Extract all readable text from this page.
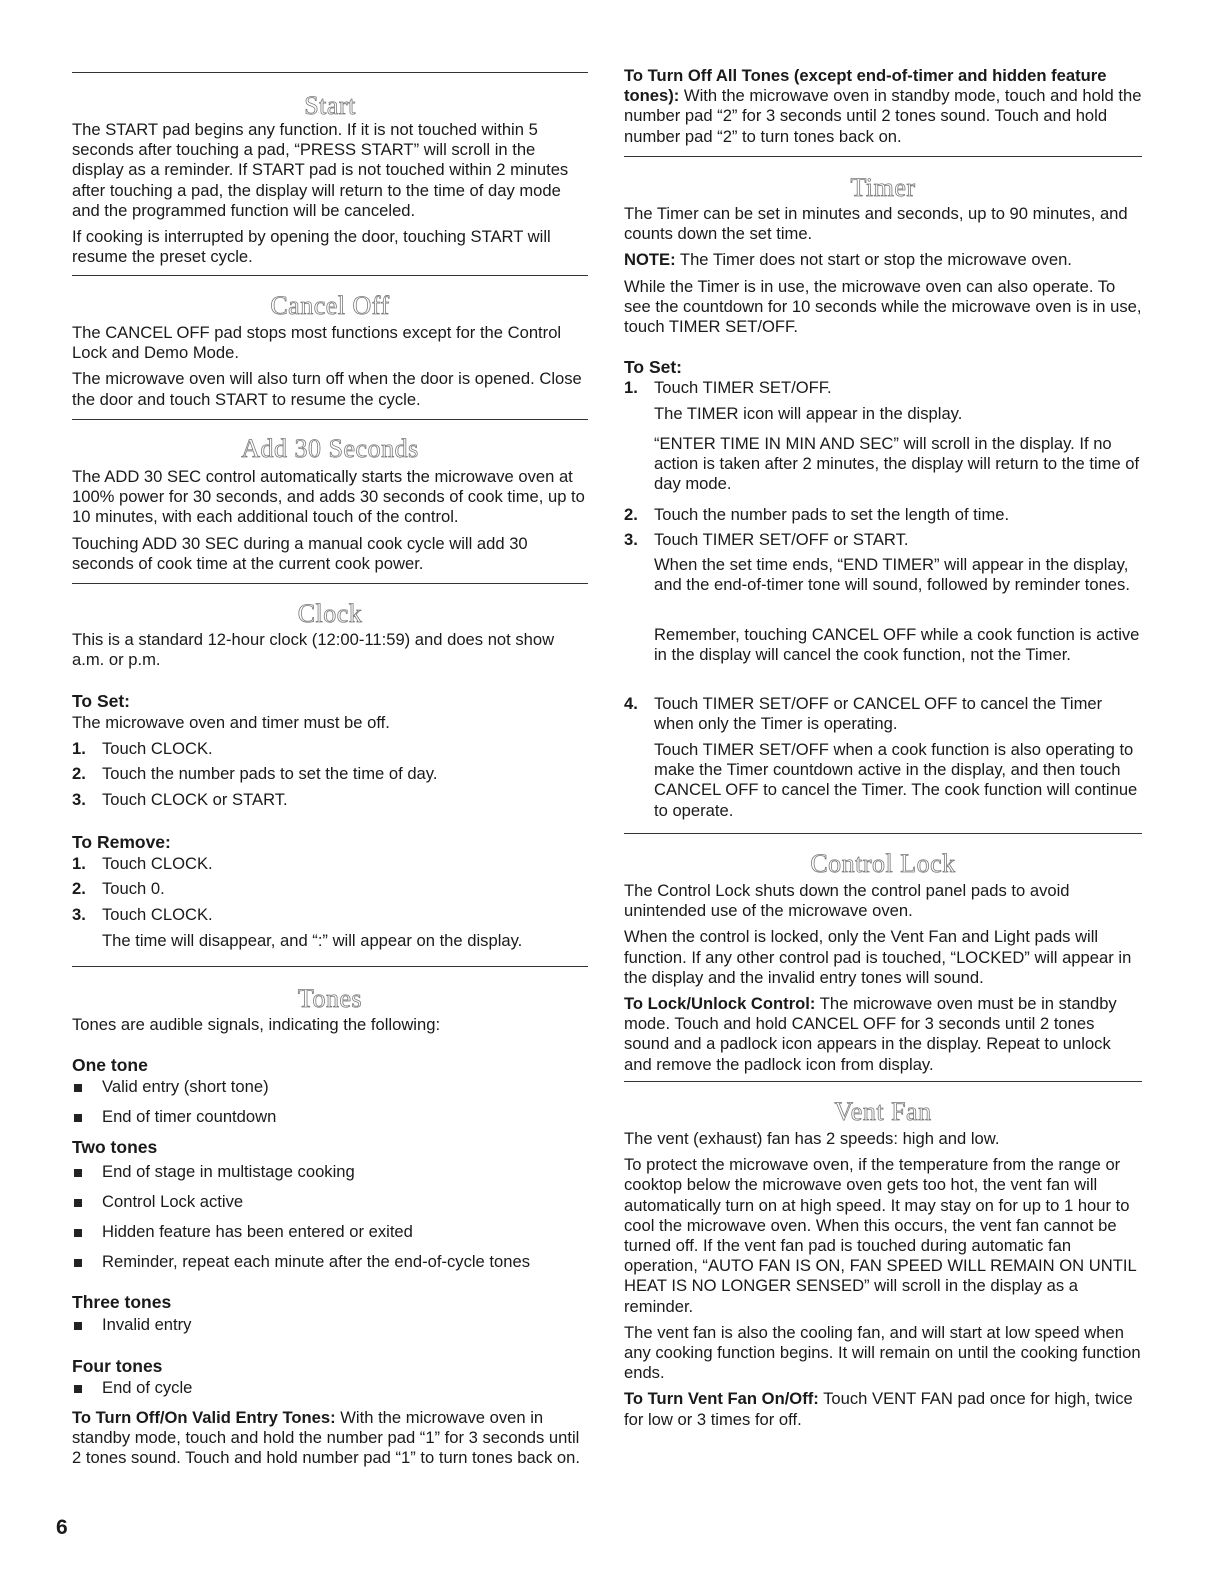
Start

The START pad begins any function. If it is not touched within 5 seconds after touching a pad, “PRESS START” will scroll in the display as a reminder. If START pad is not touched within 2 minutes after touching a pad, the display will return to the time of day mode and the programmed function will be canceled.

If cooking is interrupted by opening the door, touching START will resume the preset cycle.

Cancel Off

The CANCEL OFF pad stops most functions except for the Control Lock and Demo Mode.

The microwave oven will also turn off when the door is opened. Close the door and touch START to resume the cycle.

Add 30 Seconds

The ADD 30 SEC control automatically starts the microwave oven at 100% power for 30 seconds, and adds 30 seconds of cook time, up to 10 minutes, with each additional touch of the control.

Touching ADD 30 SEC during a manual cook cycle will add 30 seconds of cook time at the current cook power.

Clock

This is a standard 12-hour clock (12:00-11:59) and does not show a.m. or p.m.

To Set:
The microwave oven and timer must be off.
1. Touch CLOCK.
2. Touch the number pads to set the time of day.
3. Touch CLOCK or START.
To Remove:
1. Touch CLOCK.
2. Touch 0.
3. Touch CLOCK.
The time will disappear, and “:” will appear on the display.
Tones
Tones are audible signals, indicating the following:
One tone
Valid entry (short tone)
End of timer countdown
Two tones
End of stage in multistage cooking
Control Lock active
Hidden feature has been entered or exited
Reminder, repeat each minute after the end-of-cycle tones
Three tones
Invalid entry
Four tones
End of cycle
To Turn Off/On Valid Entry Tones: With the microwave oven in standby mode, touch and hold the number pad “1” for 3 seconds until 2 tones sound. Touch and hold number pad “1” to turn tones back on.
To Turn Off All Tones (except end-of-timer and hidden feature tones): With the microwave oven in standby mode, touch and hold the number pad “2” for 3 seconds until 2 tones sound. Touch and hold number pad “2” to turn tones back on.
Timer

The Timer can be set in minutes and seconds, up to 90 minutes, and counts down the set time.

NOTE: The Timer does not start or stop the microwave oven.

While the Timer is in use, the microwave oven can also operate. To see the countdown for 10 seconds while the microwave oven is in use, touch TIMER SET/OFF.

To Set:
1. Touch TIMER SET/OFF.
The TIMER icon will appear in the display.
“ENTER TIME IN MIN AND SEC” will scroll in the display. If no action is taken after 2 minutes, the display will return to the time of day mode.
2. Touch the number pads to set the length of time.
3. Touch TIMER SET/OFF or START.
When the set time ends, “END TIMER” will appear in the display, and the end-of-timer tone will sound, followed by reminder tones.
Remember, touching CANCEL OFF while a cook function is active in the display will cancel the cook function, not the Timer.
4. Touch TIMER SET/OFF or CANCEL OFF to cancel the Timer when only the Timer is operating.
Touch TIMER SET/OFF when a cook function is also operating to make the Timer countdown active in the display, and then touch CANCEL OFF to cancel the Timer. The cook function will continue to operate.
Control Lock

The Control Lock shuts down the control panel pads to avoid unintended use of the microwave oven.

When the control is locked, only the Vent Fan and Light pads will function. If any other control pad is touched, “LOCKED” will appear in the display and the invalid entry tones will sound.

To Lock/Unlock Control: The microwave oven must be in standby mode. Touch and hold CANCEL OFF for 3 seconds until 2 tones sound and a padlock icon appears in the display. Repeat to unlock and remove the padlock icon from display.

Vent Fan

The vent (exhaust) fan has 2 speeds: high and low.

To protect the microwave oven, if the temperature from the range or cooktop below the microwave oven gets too hot, the vent fan will automatically turn on at high speed. It may stay on for up to 1 hour to cool the microwave oven. When this occurs, the vent fan cannot be turned off. If the vent fan pad is touched during automatic fan operation, “AUTO FAN IS ON, FAN SPEED WILL REMAIN ON UNTIL HEAT IS NO LONGER SENSED” will scroll in the display as a reminder.

The vent fan is also the cooling fan, and will start at low speed when any cooking function begins. It will remain on until the cooking function ends.

To Turn Vent Fan On/Off: Touch VENT FAN pad once for high, twice for low or 3 times for off.

6
